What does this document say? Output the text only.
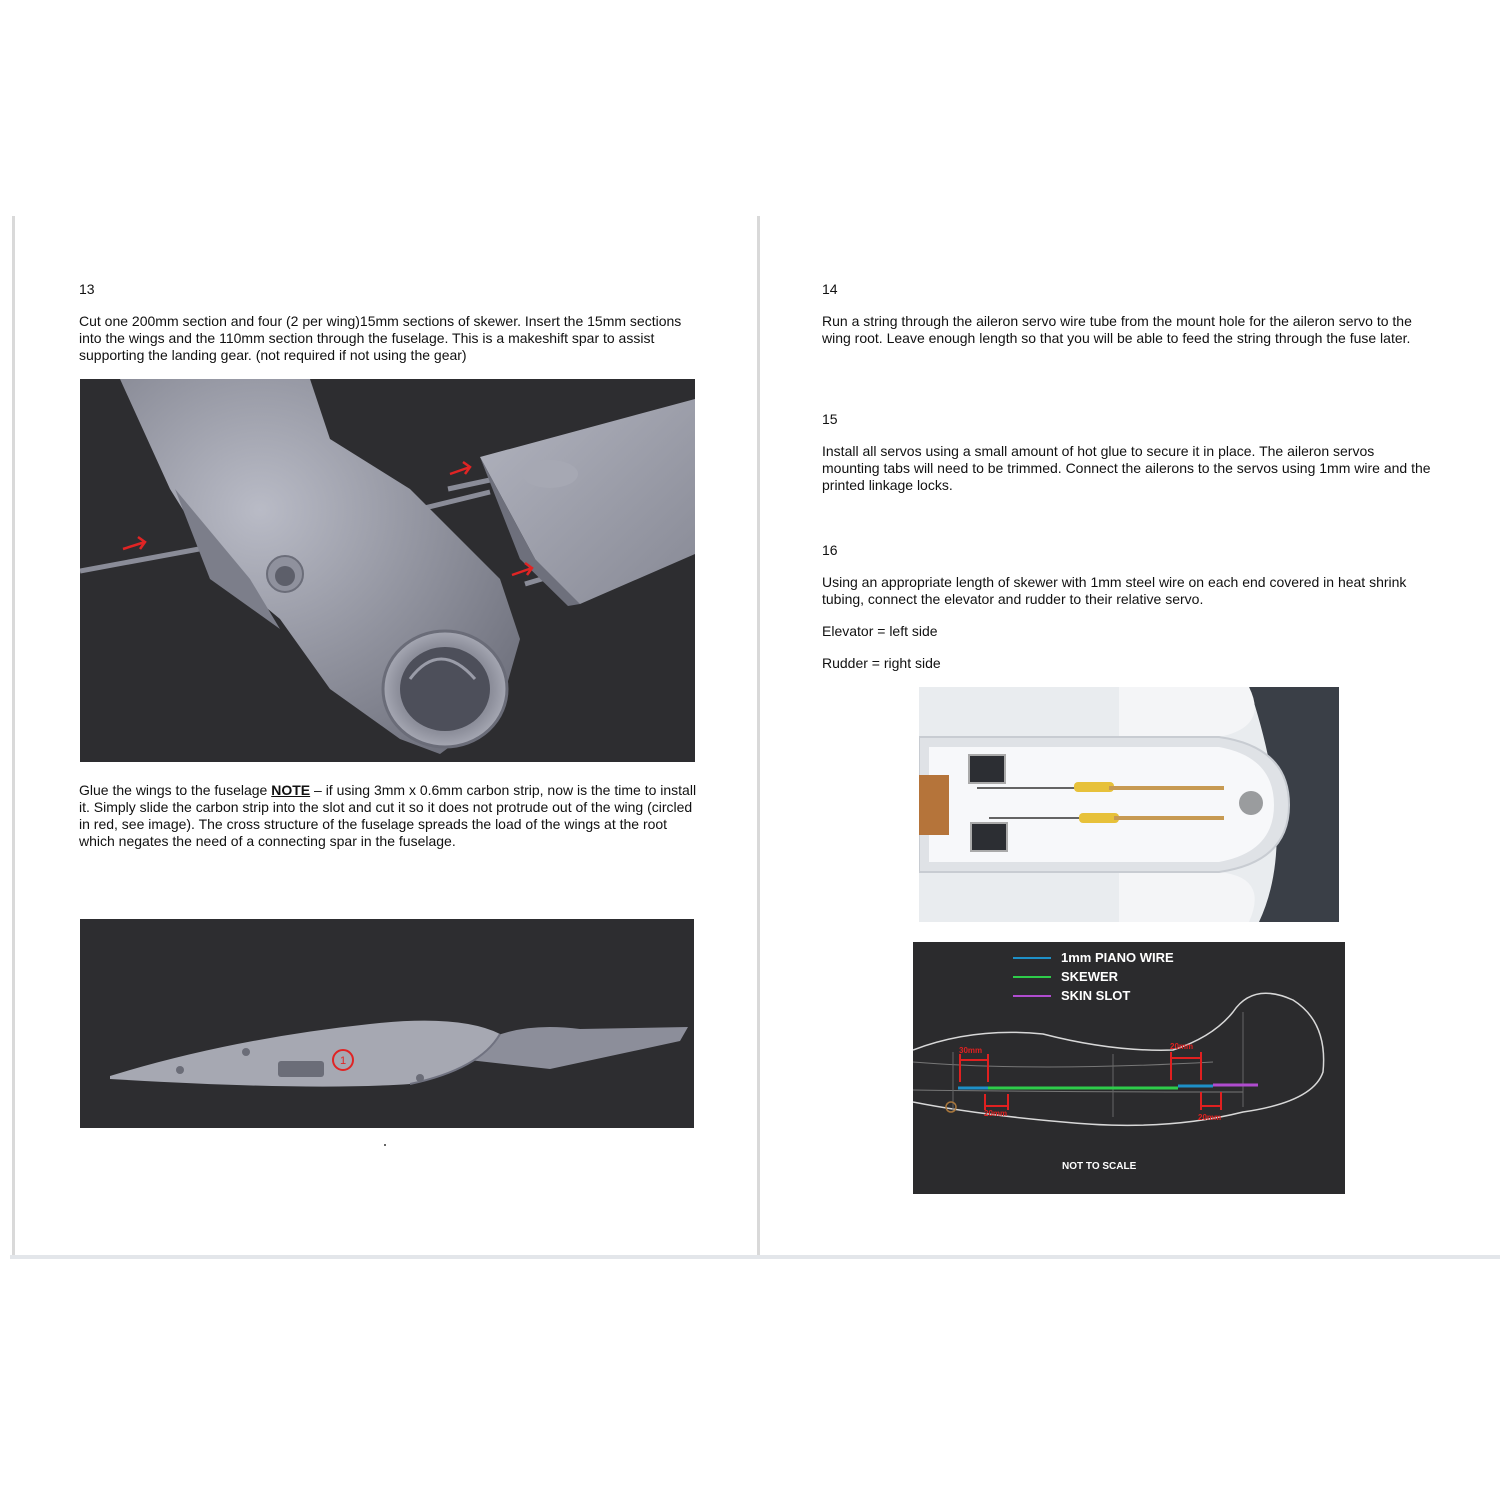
13
Cut one 200mm section and four (2 per wing)15mm sections of skewer. Insert the 15mm sections into the wings and the 110mm section through the fuselage. This is a makeshift spar to assist supporting the landing gear. (not required if not using the gear)
Glue the wings to the fuselage NOTE – if using 3mm x 0.6mm carbon strip, now is the time to install it. Simply slide the carbon strip into the slot and cut it so it does not protrude out of the wing (circled in red, see image). The cross structure of the fuselage spreads the load of the wings at the root which negates the need of a connecting spar in the fuselage.
1
14
Run a string through the aileron servo wire tube from the mount hole for the aileron servo to the wing root. Leave enough length so that you will be able to feed the string through the fuse later.
15
Install all servos using a small amount of hot glue to secure it in place. The aileron servos mounting tabs will need to be trimmed. Connect the ailerons to the servos using 1mm wire and the printed linkage locks.
16
Using an appropriate length of skewer with 1mm steel wire on each end covered in heat shrink tubing, connect the elevator and rudder to their relative servo.
Elevator = left side
Rudder = right side
1mm PIANO WIRE
SKEWER
SKIN SLOT
30mm	20mm
20mm	20mm
NOT TO SCALE
